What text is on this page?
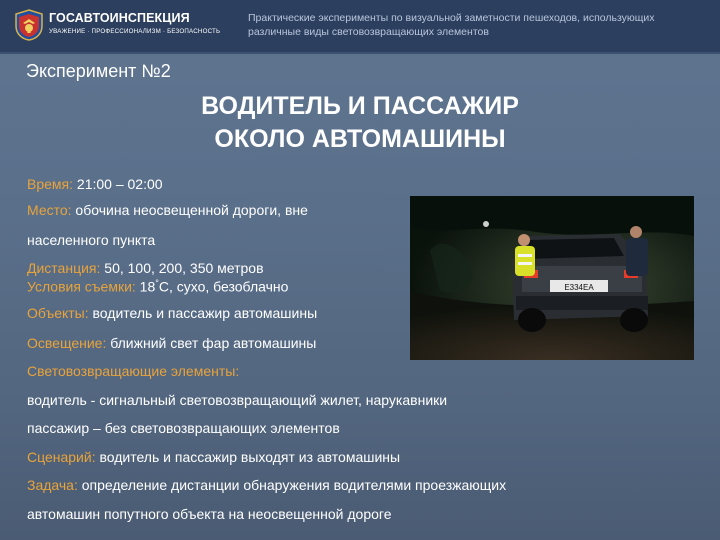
ГОСАВТОИНСПЕКЦИЯ
УВАЖЕНИЕ · ПРОФЕССИОНАЛИЗМ · БЕЗОПАСНОСТЬ
Практические эксперименты по визуальной заметности пешеходов, использующих различные виды световозвращающих элементов
Эксперимент №2
ВОДИТЕЛЬ И ПАССАЖИР
ОКОЛО АВТОМАШИНЫ
Время: 21:00 – 02:00
Место: обочина неосвещенной дороги, вне
населенного пункта
Дистанция: 50, 100, 200, 350 метров
Условия съемки: 18°С, сухо, безоблачно
Объекты: водитель и пассажир автомашины
Освещение: ближний свет фар автомашины
Световозвращающие элементы:
водитель - сигнальный световозвращающий жилет, нарукавники
пассажир – без световозвращающих элементов
Сценарий: водитель и пассажир выходят из автомашины
Задача: определение дистанции обнаружения водителями проезжающих
автомашин попутного объекта на неосвещенной дороге
Е334ЕА
